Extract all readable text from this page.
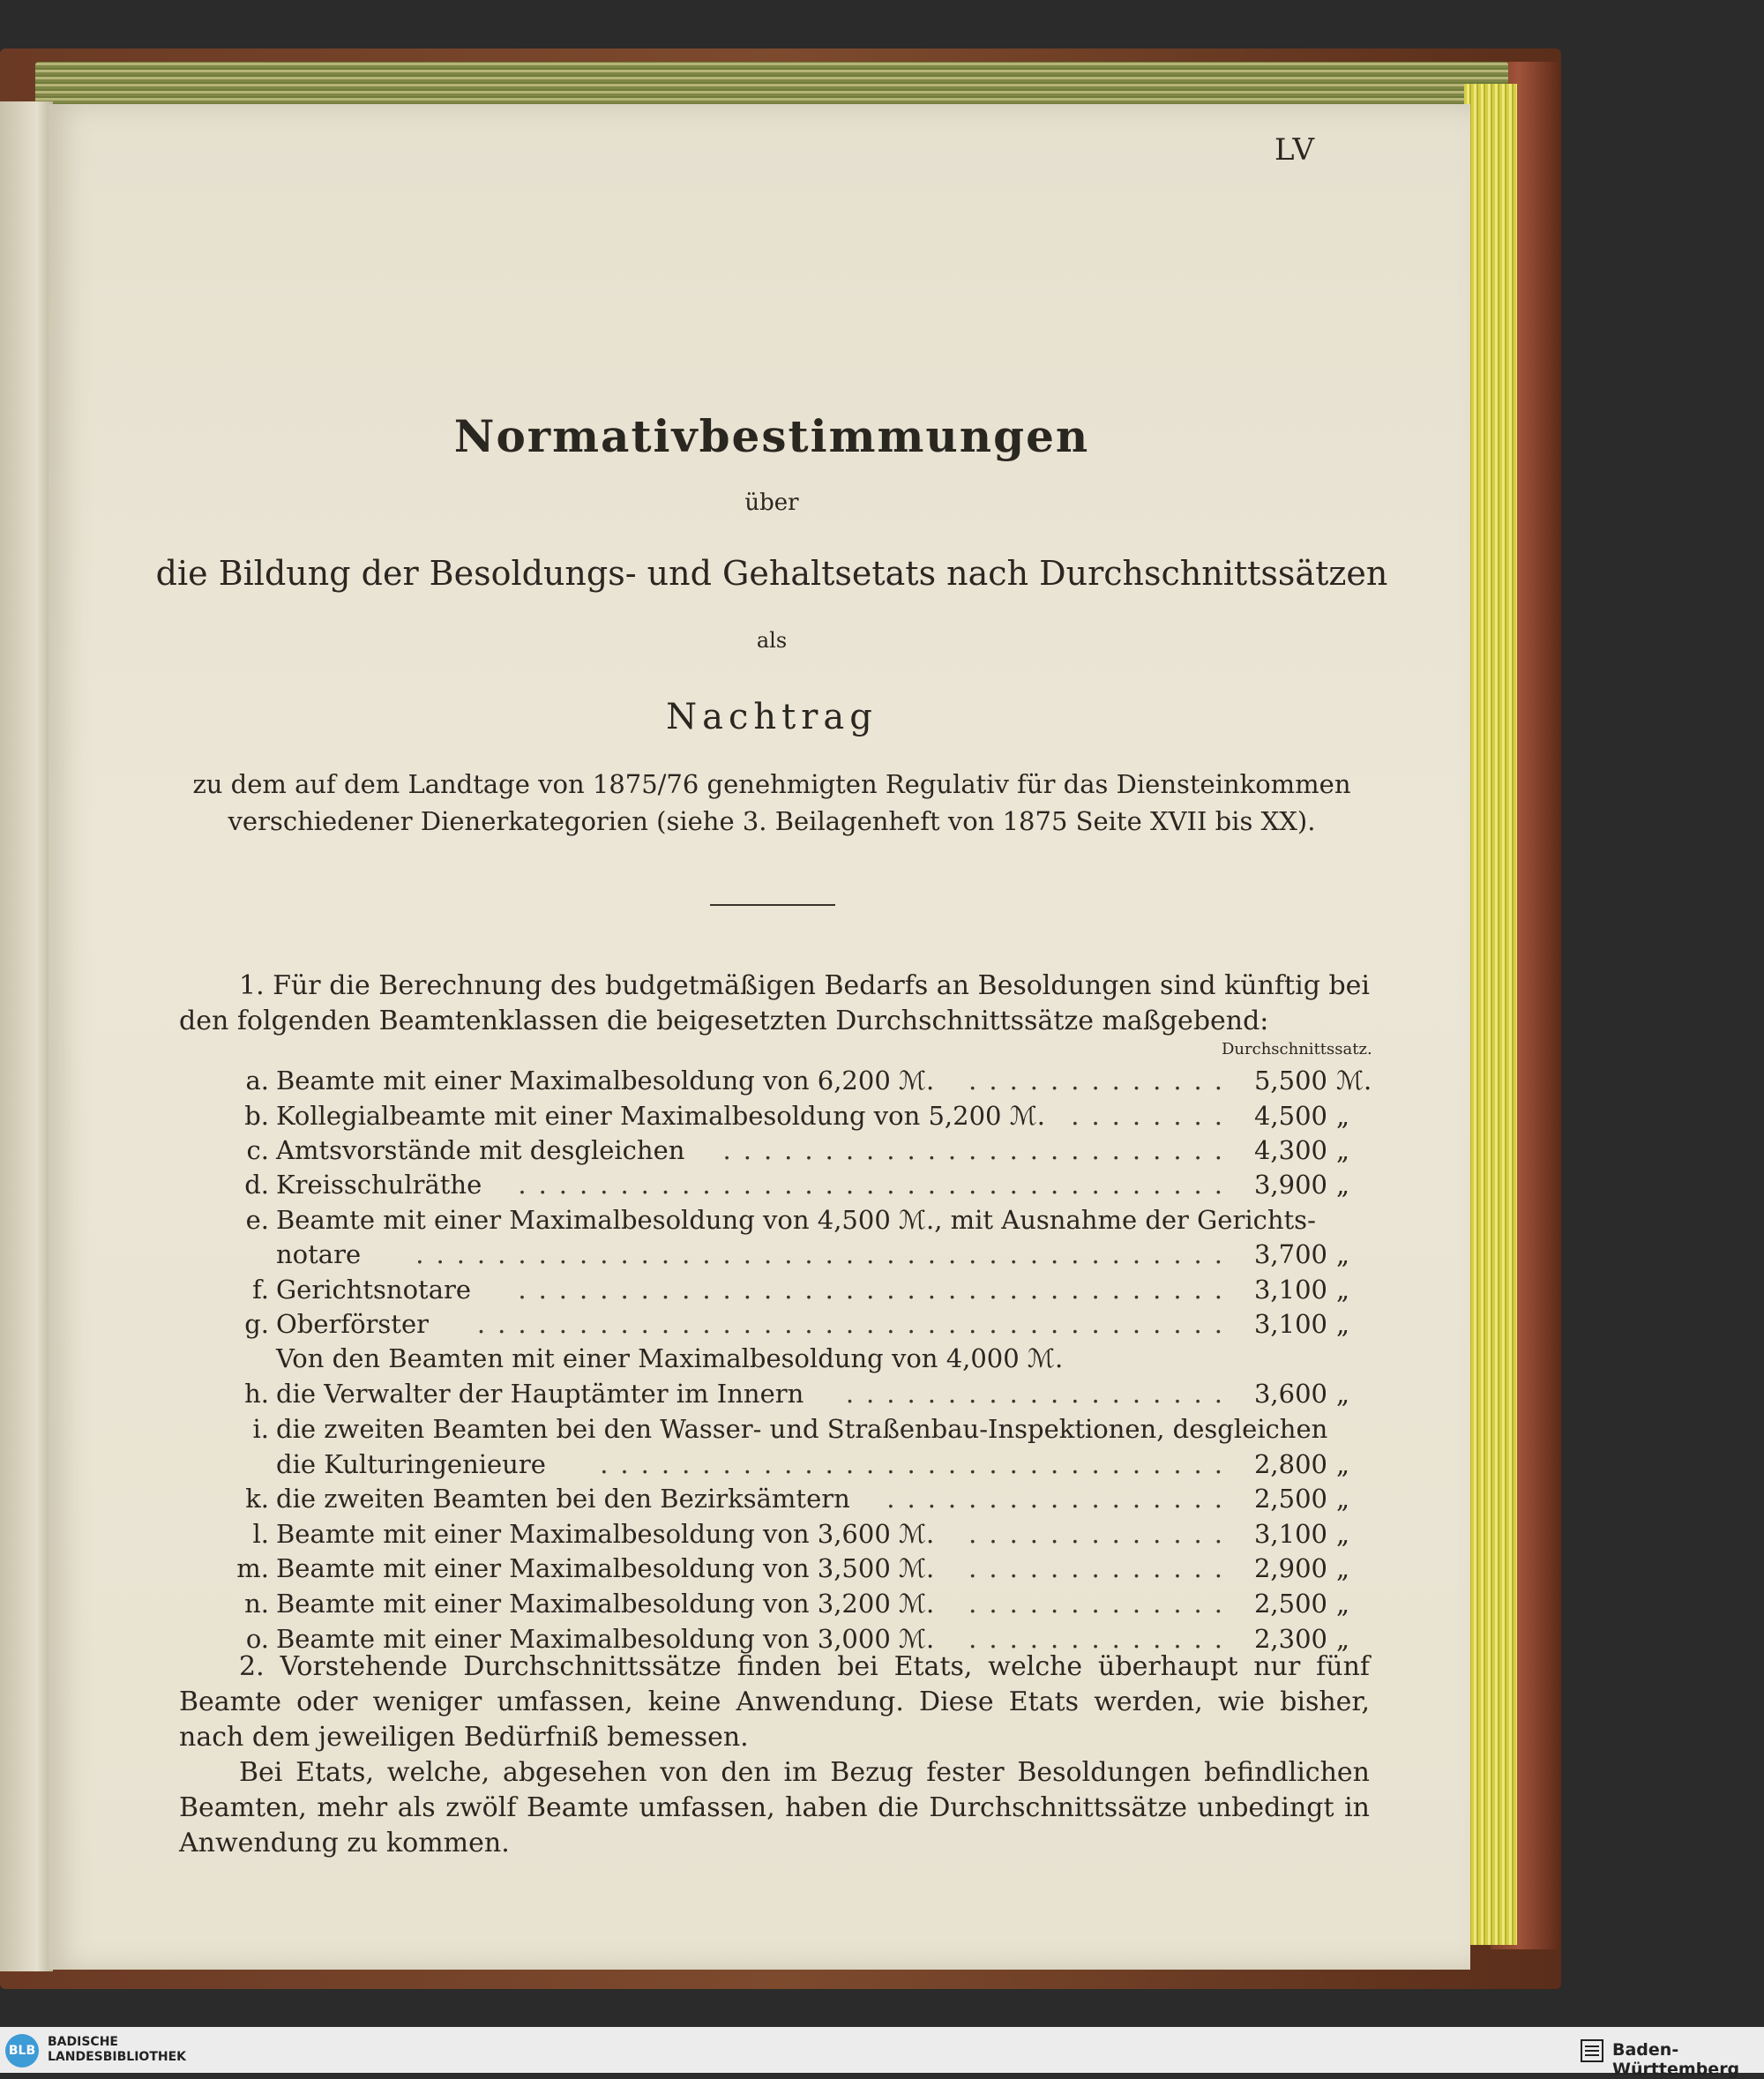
LV
Normativbestimmungen
über
die Bildung der Besoldungs- und Gehaltsetats nach Durchschnittssätzen
als
Nachtrag
zu dem auf dem Landtage von 1875/76 genehmigten Regulativ für das Diensteinkommen
verschiedener Dienerkategorien (siehe 3. Beilagenheft von 1875 Seite XVII bis XX).
1. Für die Berechnung des budgetmäßigen Bedarfs an Besoldungen sind künftig bei den folgenden Beamtenklassen die beigesetzten Durchschnittssätze maßgebend:
Durchschnittssatz.
a. Beamte mit einer Maximalbesoldung von 6,200 ℳ. ............. 5,500 ℳ.
b. Kollegialbeamte mit einer Maximalbesoldung von 5,200 ℳ. ........ 4,500 „
c. Amtsvorstände mit desgleichen ......................... 4,300 „
d. Kreisschulräthe ................................... 3,900 „
e. Beamte mit einer Maximalbesoldung von 4,500 ℳ., mit Ausnahme der Gerichts-
notare ........................................ 3,700 „
f. Gerichtsnotare ................................... 3,100 „
g. Oberförster ..................................... 3,100 „
Von den Beamten mit einer Maximalbesoldung von 4,000 ℳ.
h. die Verwalter der Hauptämter im Innern ................... 3,600 „
i. die zweiten Beamten bei den Wasser- und Straßenbau-Inspektionen, desgleichen
die Kulturingenieure ............................... 2,800 „
k. die zweiten Beamten bei den Bezirksämtern ................. 2,500 „
l. Beamte mit einer Maximalbesoldung von 3,600 ℳ. ............. 3,100 „
m. Beamte mit einer Maximalbesoldung von 3,500 ℳ. ............. 2,900 „
n. Beamte mit einer Maximalbesoldung von 3,200 ℳ. ............. 2,500 „
o. Beamte mit einer Maximalbesoldung von 3,000 ℳ. ............. 2,300 „
2. Vorstehende Durchschnittssätze finden bei Etats, welche überhaupt nur fünf Beamte oder weniger umfassen, keine Anwendung. Diese Etats werden, wie bisher, nach dem jeweiligen Bedürfniß bemessen.
Bei Etats, welche, abgesehen von den im Bezug fester Besoldungen befindlichen Beamten, mehr als zwölf Beamte umfassen, haben die Durchschnittssätze unbedingt in Anwendung zu kommen.
BLB
BADISCHE
LANDESBIBLIOTHEK	Baden-Württemberg
